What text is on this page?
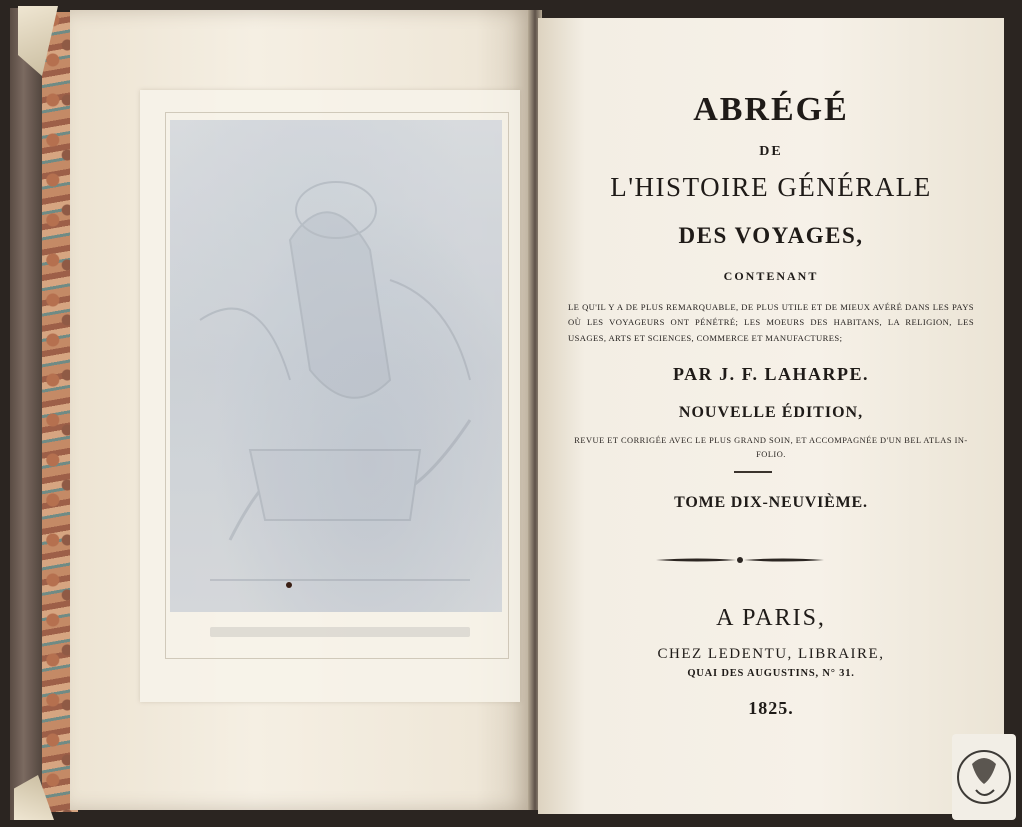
ABRÉGÉ

DE

L'HISTOIRE GÉNÉRALE

DES VOYAGES,

CONTENANT

LE QU'IL Y A DE PLUS REMARQUABLE, DE PLUS UTILE ET DE MIEUX AVÉRÉ DANS LES PAYS OÙ LES VOYAGEURS ONT PÉNÉTRÉ; LES MOEURS DES HABITANS, LA RELIGION, LES USAGES, ARTS ET SCIENCES, COMMERCE ET MANUFACTURES;

PAR J. F. LAHARPE.

NOUVELLE ÉDITION,

REVUE ET CORRIGÉE AVEC LE PLUS GRAND SOIN, ET ACCOMPAGNÉE D'UN BEL ATLAS IN-FOLIO.

TOME DIX-NEUVIÈME.

A PARIS,

CHEZ LEDENTU, LIBRAIRE,

QUAI DES AUGUSTINS, N° 31.

1825.
